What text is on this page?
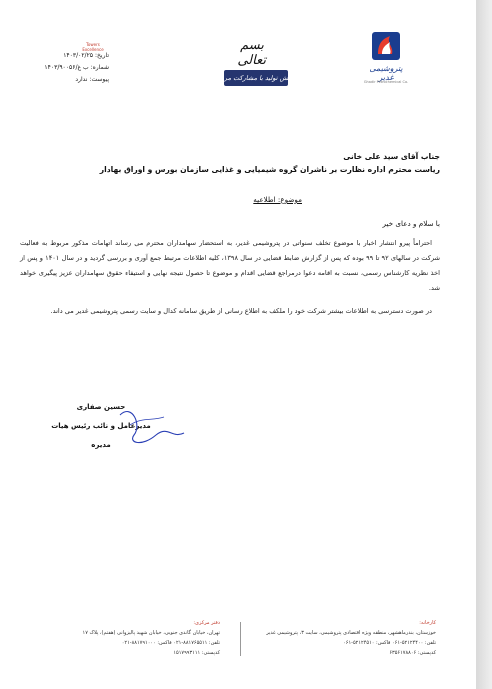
پتروشیمی غدیر
Ghadir Petrochemical Co.
بسم تعالی
جهش تولید با مشارکت مردم
Towers Excellence
تاریخ:
۱۴۰۳/۰۲/۲۵
شماره:
۱۴۰۳/۹۰۰۵۶/ب غ
پیوست:
ندارد
جناب آقای سید علی خانی
ریاست محترم اداره نظارت بر ناشران گروه شیمیایی و غذایی سازمان بورس و اوراق بهادار
موضوع: اطلاعیه
با سلام و دعای خیر

احتراماً پیرو انتشار اخبار با موضوع تخلف سنواتی در پتروشیمی غدیر، به استحضار سهامداران محترم می رساند اتهامات مذکور مربوط به فعالیت شرکت در سالهای ۹۲ تا ۹۹ بوده که پس از گزارش ضابط قضایی در سال ۱۳۹۸، کلیه اطلاعات مرتبط جمع آوری و بررسی گردید و در سال ۱۴۰۱ و پس از اخذ نظریه کارشناس رسمی، نسبت به اقامه دعوا درمراجع قضایی اقدام و موضوع تا حصول نتیجه نهایی و استیفاء حقوق سهامداران عزیز پیگیری خواهد شد.

در صورت دسترسی به اطلاعات بیشتر شرکت خود را ملکف به اطلاع رسانی از طریق سامانه کدال و سایت رسمی پتروشیمی غدیر می داند.

حسین صفاری
مدیرعامل و نائب رئیس هیات مدیره
کارخانه:
خوزستان، بندرماهشهر، منطقه ویژه اقتصادی پتروشیمی، سایت ۳، پتروشیمی غدیر
تلفن: ۵۲۱۲۴۴۰۰-۰۶۱ فاکس: ۵۲۱۲۴۵۱۰-۰۶۱
کدپستی: ۶۳۵۶۱۷۸۸۰۶
دفتر مرکزی:
تهران، خیابان گاندی جنوبی، خیابان شهید پالیزوانی (هفتم)، پلاک ۱۷
تلفن: ۸۸۱۷۶۵۵۱۱-۰۲۱ فاکس: ۸۸۱۷۹۱۰۰۰-۰۲۱
کدپستی: ۱۵۱۷۹۹۳۱۱۱
